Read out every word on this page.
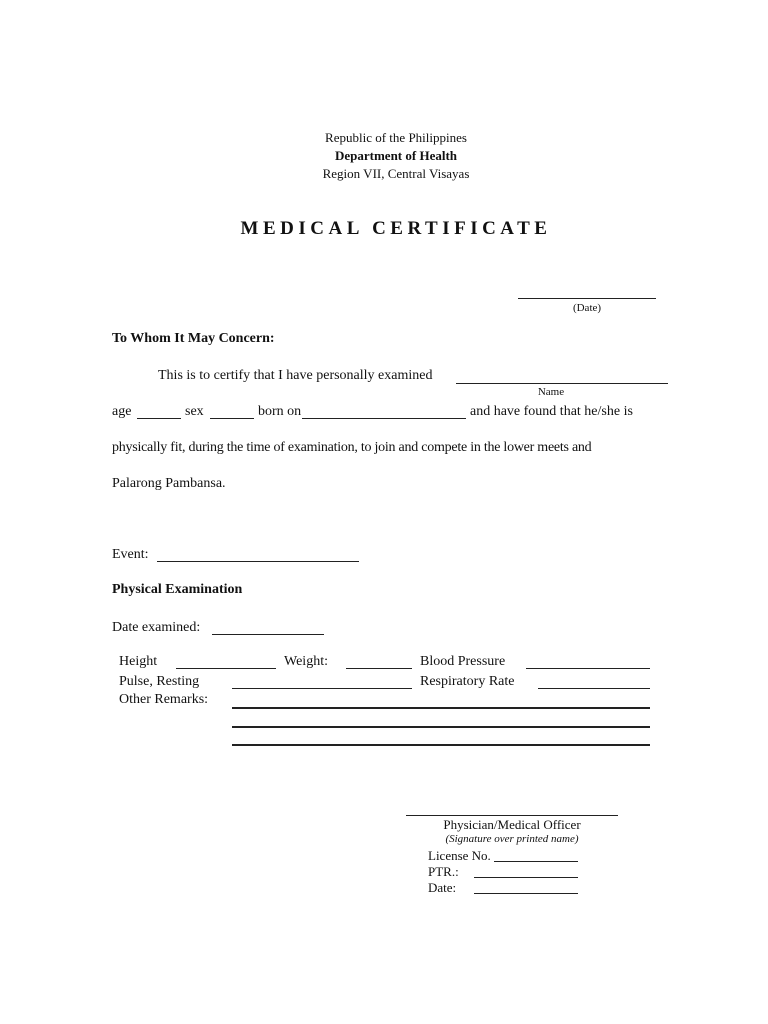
Republic of the Philippines
Department of Health
Region VII, Central Visayas
MEDICAL CERTIFICATE
(Date)
To Whom It May Concern:
This is to certify that I have personally examined
Name
age	sex	born on	and have found that he/she is
physically fit, during the time of examination, to join and compete in the lower meets and
Palarong Pambansa.
Event:
Physical Examination
Date examined:
Height	Weight:	Blood Pressure
Pulse, Resting	Respiratory Rate
Other Remarks:
Physician/Medical Officer
(Signature over printed name)
License No.
PTR.:
Date:
